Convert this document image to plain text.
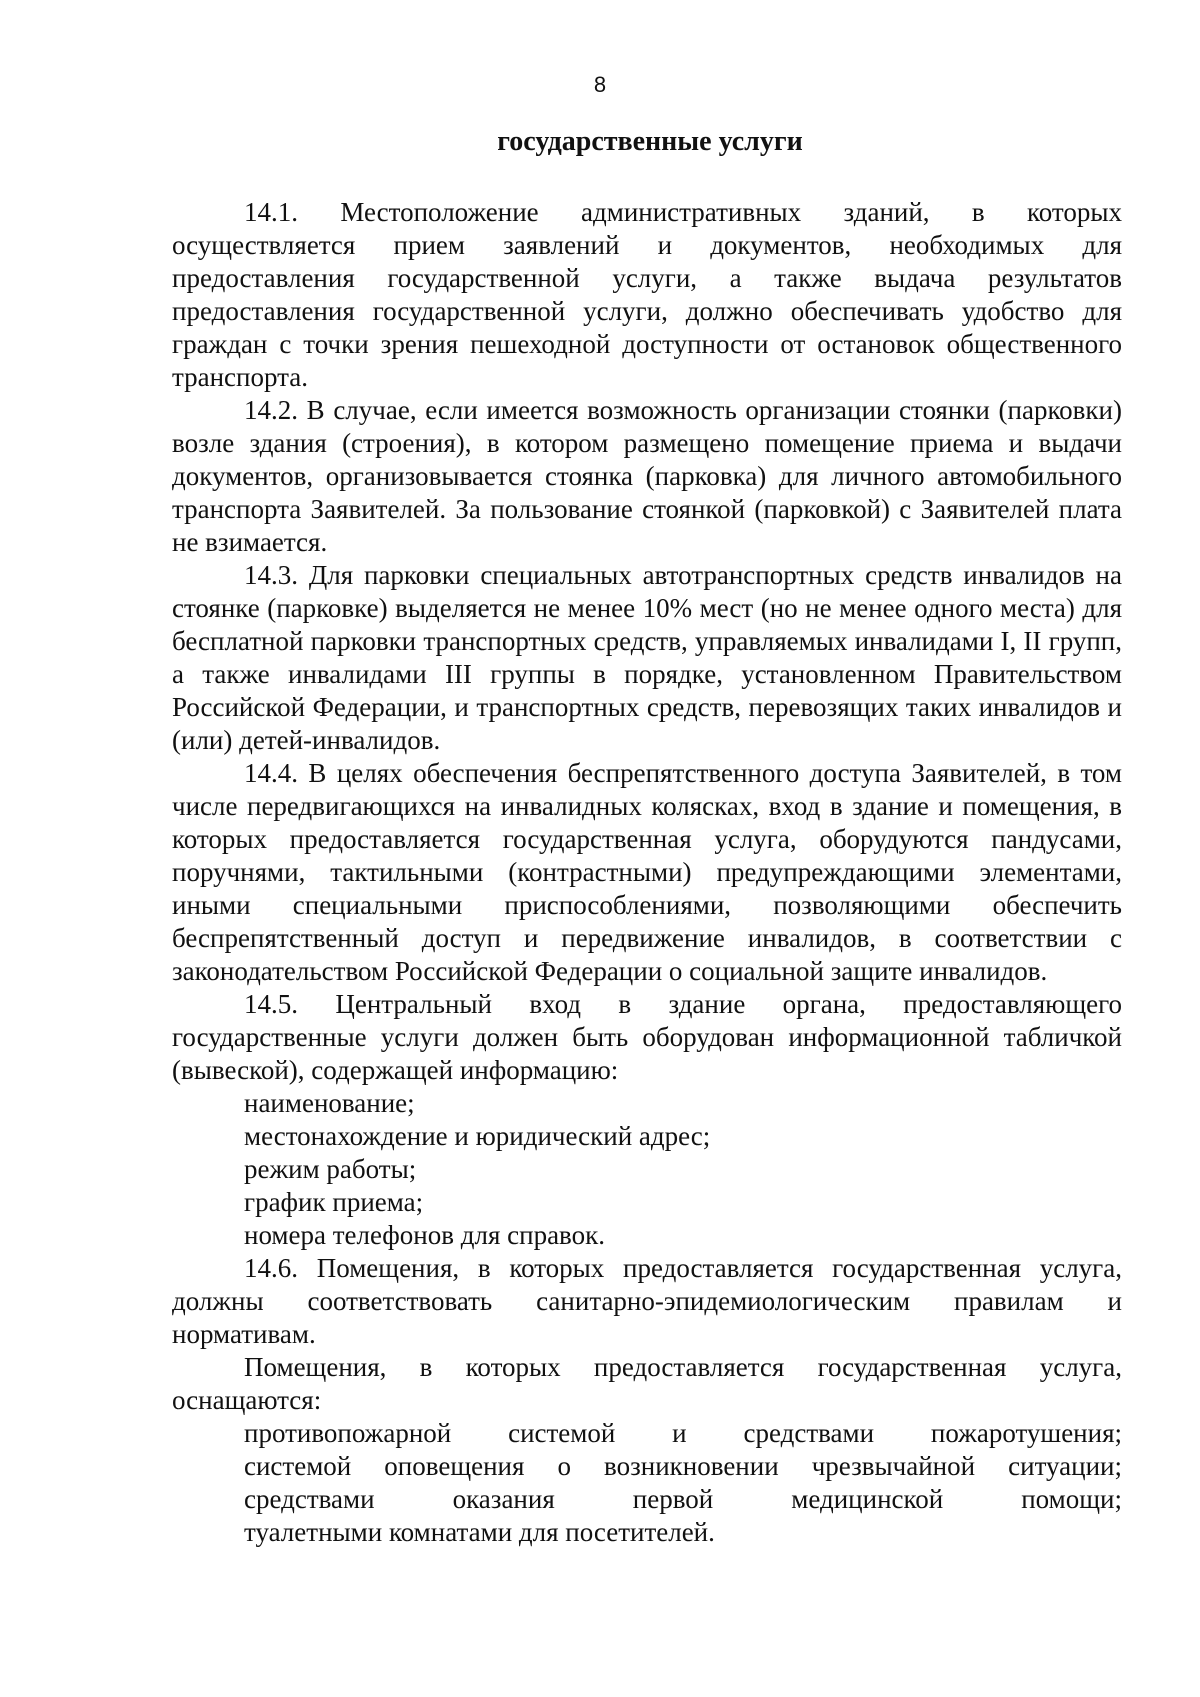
8
государственные услуги

14.1. Местоположение административных зданий, в которых осуществляется прием заявлений и документов, необходимых для предоставления государственной услуги, а также выдача результатов предоставления государственной услуги, должно обеспечивать удобство для граждан с точки зрения пешеходной доступности от остановок общественного транспорта.

14.2. В случае, если имеется возможность организации стоянки (парковки) возле здания (строения), в котором размещено помещение приема и выдачи документов, организовывается стоянка (парковка) для личного автомобильного транспорта Заявителей. За пользование стоянкой (парковкой) с Заявителей плата не взимается.

14.3. Для парковки специальных автотранспортных средств инвалидов на стоянке (парковке) выделяется не менее 10% мест (но не менее одного места) для бесплатной парковки транспортных средств, управляемых инвалидами I, II групп, а также инвалидами III группы в порядке, установленном Правительством Российской Федерации, и транспортных средств, перевозящих таких инвалидов и (или) детей-инвалидов.

14.4. В целях обеспечения беспрепятственного доступа Заявителей, в том числе передвигающихся на инвалидных колясках, вход в здание и помещения, в которых предоставляется государственная услуга, оборудуются пандусами, поручнями, тактильными (контрастными) предупреждающими элементами, иными специальными приспособлениями, позволяющими обеспечить беспрепятственный доступ и передвижение инвалидов, в соответствии с законодательством Российской Федерации о социальной защите инвалидов.

14.5. Центральный вход в здание органа, предоставляющего государственные услуги должен быть оборудован информационной табличкой (вывеской), содержащей информацию:

наименование;
местонахождение и юридический адрес;
режим работы;
график приема;
номера телефонов для справок.

14.6. Помещения, в которых предоставляется государственная услуга, должны соответствовать санитарно-эпидемиологическим правилам и нормативам.

Помещения, в которых предоставляется государственная услуга, оснащаются:

противопожарной системой и средствами пожаротушения;
системой оповещения о возникновении чрезвычайной ситуации;
средствами оказания первой медицинской помощи;
туалетными комнатами для посетителей.
